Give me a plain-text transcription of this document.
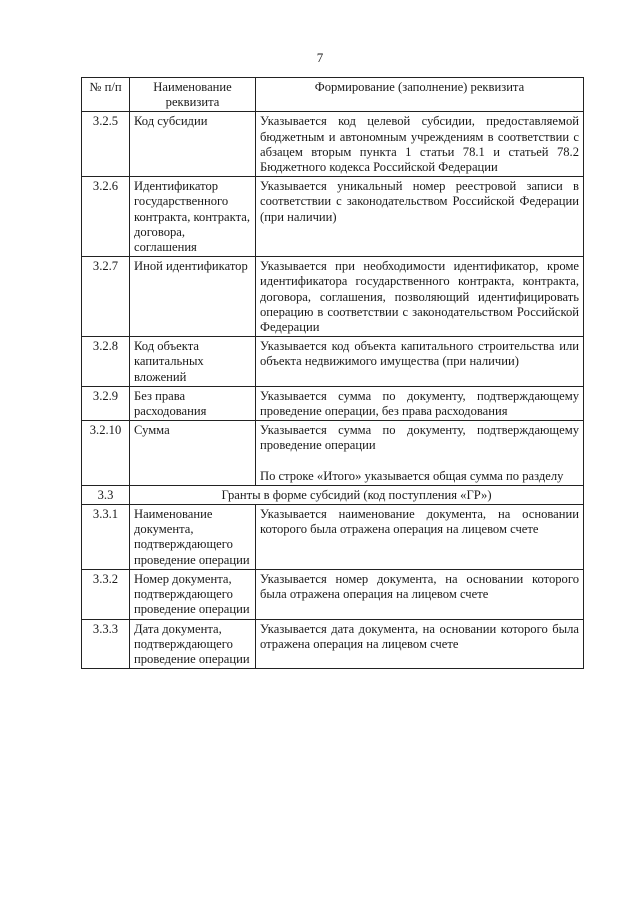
7
№ п/п	Наименование реквизита	Формирование (заполнение) реквизита
3.2.5	Код субсидии	Указывается код целевой субсидии, предоставляемой бюджетным и автономным учреждениям в соответствии с абзацем вторым пункта 1 статьи 78.1 и статьей 78.2 Бюджетного кодекса Российской Федерации
3.2.6	Идентификатор государственного контракта, контракта, договора, соглашения	Указывается уникальный номер реестровой записи в соответствии с законодательством Российской Федерации (при наличии)
3.2.7	Иной идентификатор	Указывается при необходимости идентификатор, кроме идентификатора государственного контракта, контракта, договора, соглашения, позволяющий идентифицировать операцию в соответствии с законодательством Российской Федерации
3.2.8	Код объекта капитальных вложений	Указывается код объекта капитального строительства или объекта недвижимого имущества (при наличии)
3.2.9	Без права расходования	Указывается сумма по документу, подтверждающему проведение операции, без права расходования
3.2.10	Сумма	Указывается сумма по документу, подтверждающему проведение операции
По строке «Итого» указывается общая сумма по разделу

3.3	Гранты в форме субсидий (код поступления «ГР»)	
3.3.1	Наименование документа, подтверждающего проведение операции	Указывается наименование документа, на основании которого была отражена операция на лицевом счете
3.3.2	Номер документа, подтверждающего проведение операции	Указывается номер документа, на основании которого была отражена операция на лицевом счете
3.3.3	Дата документа, подтверждающего проведение операции	Указывается дата документа, на основании которого была отражена операция на лицевом счете
